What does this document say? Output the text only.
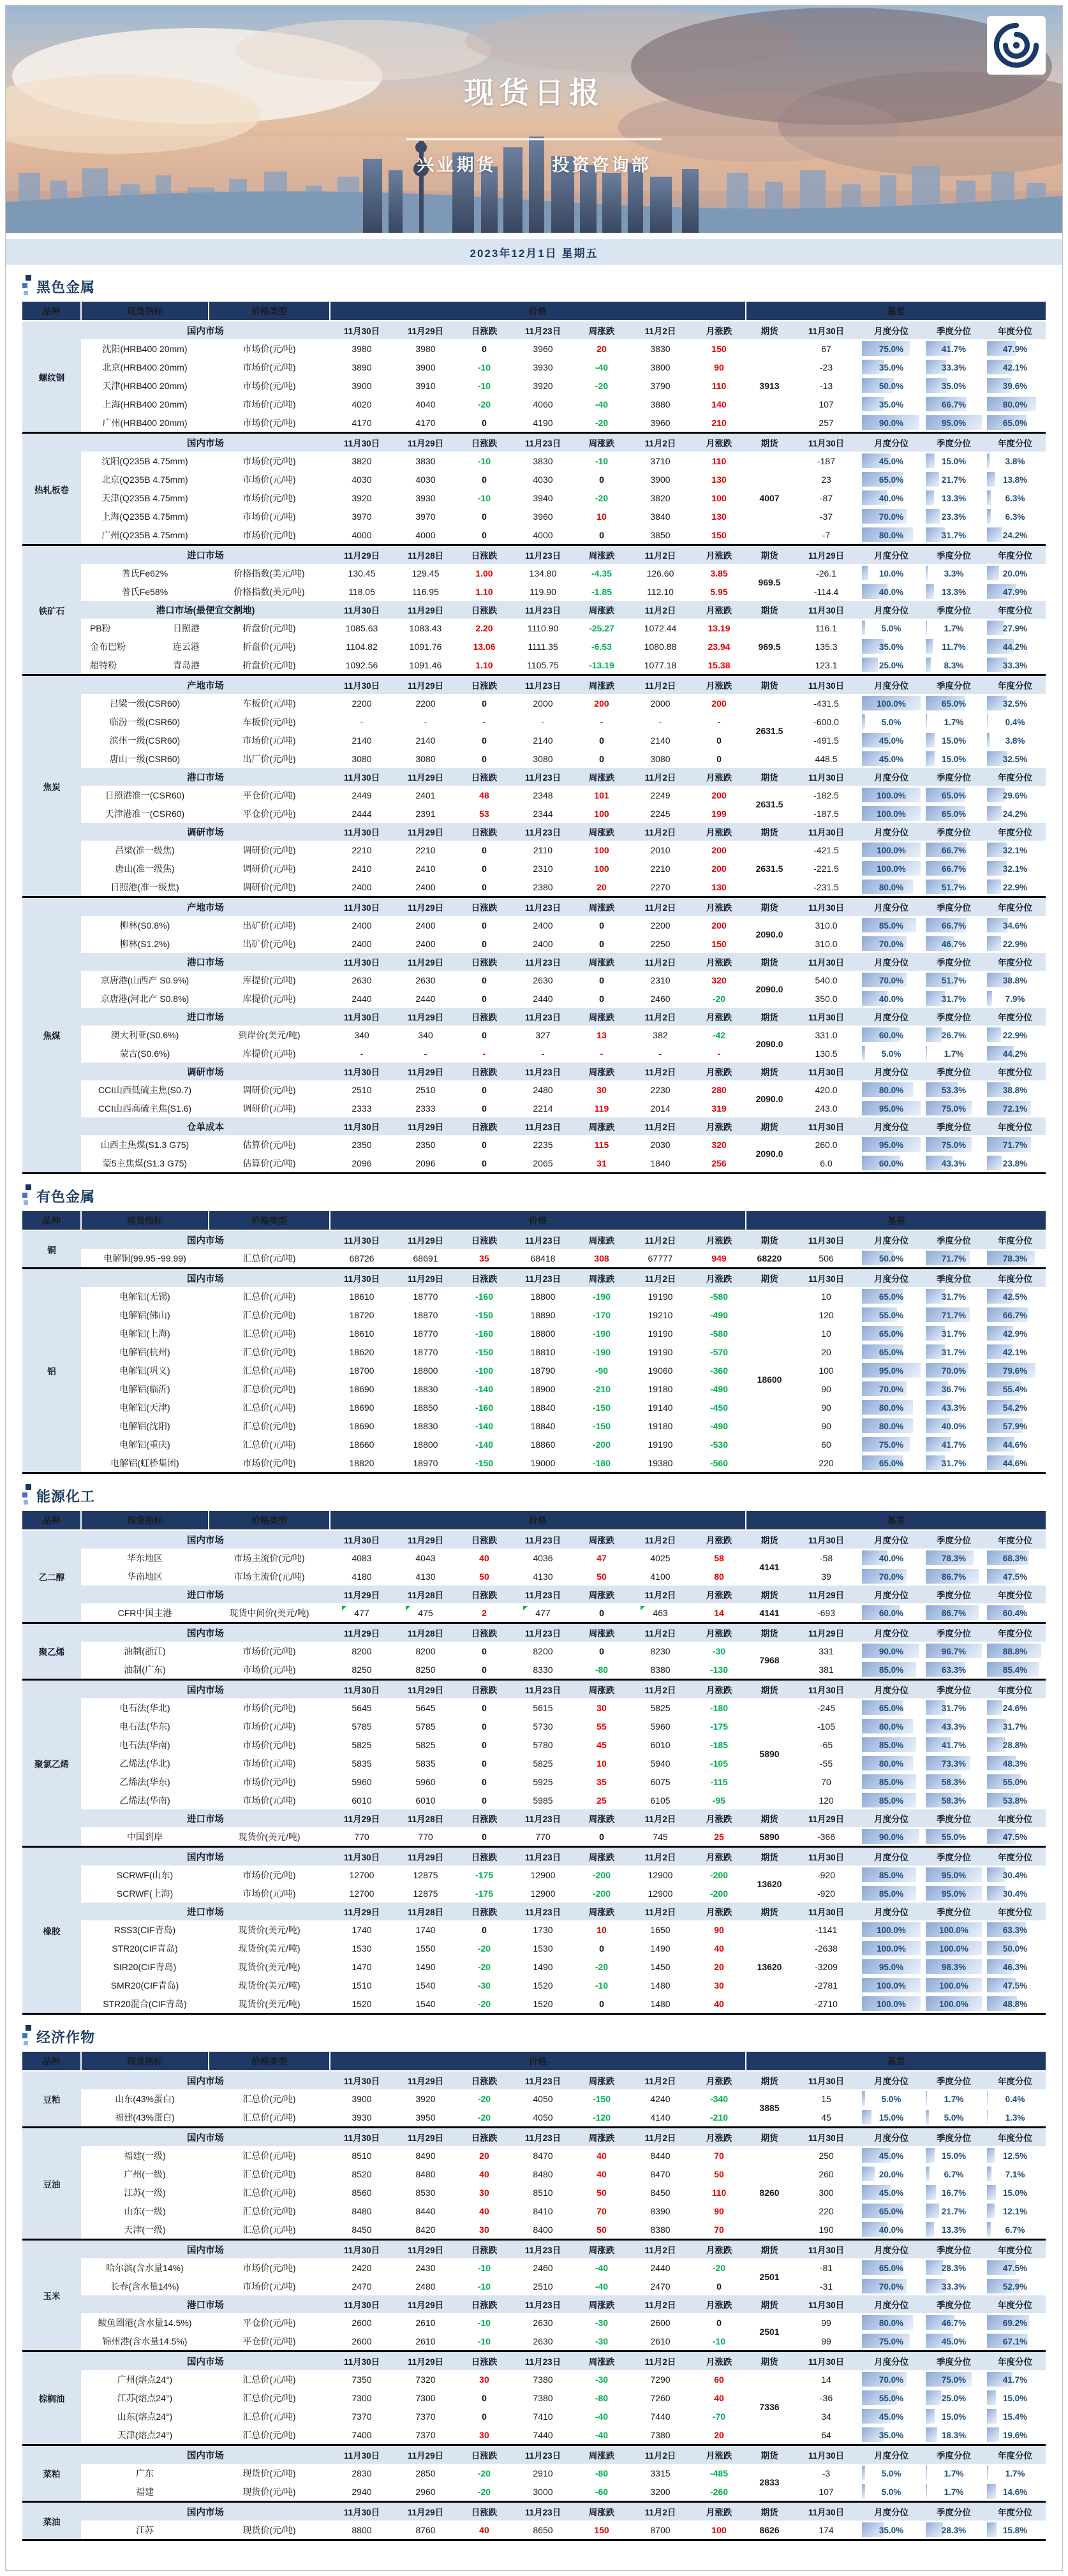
现货日报
兴业期货	投资咨询部
2023年12月1日 星期五
黑色金属
品种	现货指标	价格类型	价格							基差				
螺纹钢	国内市场		11月30日	11月29日	日涨跌	11月23日	周涨跌	11月2日	月涨跌	期货	11月30日	月度分位	季度分位	年度分位
	沈阳(HRB400 20mm)	市场价(元/吨)	3980	3980	0	3960	20	3830	150	3913	67	75.0%	41.7%	47.9%
	北京(HRB400 20mm)	市场价(元/吨)	3890	3900	-10	3930	-40	3800	90		-23	35.0%	33.3%	42.1%
	天津(HRB400 20mm)	市场价(元/吨)	3900	3910	-10	3920	-20	3790	110		-13	50.0%	35.0%	39.6%
	上海(HRB400 20mm)	市场价(元/吨)	4020	4040	-20	4060	-40	3880	140		107	35.0%	66.7%	80.0%
	广州(HRB400 20mm)	市场价(元/吨)	4170	4170	0	4190	-20	3960	210		257	90.0%	95.0%	65.0%

热轧板卷	国内市场		11月30日	11月29日	日涨跌	11月23日	周涨跌	11月2日	月涨跌	期货	11月30日	月度分位	季度分位	年度分位
	沈阳(Q235B 4.75mm)	市场价(元/吨)	3820	3830	-10	3830	-10	3710	110	4007	-187	45.0%	15.0%	3.8%
	北京(Q235B 4.75mm)	市场价(元/吨)	4030	4030	0	4030	0	3900	130		23	65.0%	21.7%	13.8%
	天津(Q235B 4.75mm)	市场价(元/吨)	3920	3930	-10	3940	-20	3820	100		-87	40.0%	13.3%	6.3%
	上海(Q235B 4.75mm)	市场价(元/吨)	3970	3970	0	3960	10	3840	130		-37	70.0%	23.3%	6.3%
	广州(Q235B 4.75mm)	市场价(元/吨)	4000	4000	0	4000	0	3850	150		-7	80.0%	31.7%	24.2%

铁矿石	进口市场		11月29日	11月28日	日涨跌	11月23日	周涨跌	11月2日	月涨跌	期货	11月29日	月度分位	季度分位	年度分位
	普氏Fe62%	价格指数(美元/吨)	130.45	129.45	1.00	134.80	-4.35	126.60	3.85	969.5	-26.1	10.0%	3.3%	20.0%
	普氏Fe58%	价格指数(美元/吨)	118.05	116.95	1.10	119.90	-1.85	112.10	5.95		-114.4	40.0%	13.3%	47.9%
	港口市场(最便宜交割地)		11月30日	11月29日	日涨跌	11月23日	周涨跌	11月2日	月涨跌	期货	11月30日	月度分位	季度分位	年度分位

	PB粉 日照港	折盘价(元/吨)	1085.63	1083.43	2.20	1110.90	-25.27	1072.44	13.19	969.5	116.1	5.0%	1.7%	27.9%

	金布巴粉 连云港	折盘价(元/吨)	1104.82	1091.76	13.06	1111.35	-6.53	1080.88	23.94		135.3	35.0%	11.7%	44.2%

	超特粉 青岛港	折盘价(元/吨)	1092.56	1091.46	1.10	1105.75	-13.19	1077.18	15.38		123.1	25.0%	8.3%	33.3%

焦炭	产地市场		11月30日	11月29日	日涨跌	11月23日	周涨跌	11月2日	月涨跌	期货	11月30日	月度分位	季度分位	年度分位
	吕梁一级(CSR60)	车板价(元/吨)	2200	2200	0	2000	200	2000	200	2631.5	-431.5	100.0%	65.0%	32.5%
	临汾一级(CSR60)	车板价(元/吨)	-	-	-	-	-	-	-		-600.0	5.0%	1.7%	0.4%
	滨州一级(CSR60)	市场价(元/吨)	2140	2140	0	2140	0	2140	0		-491.5	45.0%	15.0%	3.8%
	唐山一级(CSR60)	出厂价(元/吨)	3080	3080	0	3080	0	3080	0		448.5	45.0%	15.0%	32.5%
	港口市场		11月30日	11月29日	日涨跌	11月23日	周涨跌	11月2日	月涨跌	期货	11月30日	月度分位	季度分位	年度分位
	日照港准一(CSR60)	平仓价(元/吨)	2449	2401	48	2348	101	2249	200	2631.5	-182.5	100.0%	65.0%	29.6%
	天津港准一(CSR60)	平仓价(元/吨)	2444	2391	53	2344	100	2245	199		-187.5	100.0%	65.0%	24.2%
	调研市场		11月30日	11月29日	日涨跌	11月23日	周涨跌	11月2日	月涨跌	期货	11月30日	月度分位	季度分位	年度分位
	吕梁(准一级焦)	调研价(元/吨)	2210	2210	0	2110	100	2010	200	2631.5	-421.5	100.0%	66.7%	32.1%
	唐山(准一级焦)	调研价(元/吨)	2410	2410	0	2310	100	2210	200		-221.5	100.0%	66.7%	32.1%
	日照港(准一级焦)	调研价(元/吨)	2400	2400	0	2380	20	2270	130		-231.5	80.0%	51.7%	22.9%

焦煤	产地市场		11月30日	11月29日	日涨跌	11月23日	周涨跌	11月2日	月涨跌	期货	11月30日	月度分位	季度分位	年度分位
	柳林(S0.8%)	出矿价(元/吨)	2400	2400	0	2400	0	2200	200	2090.0	310.0	85.0%	66.7%	34.6%
	柳林(S1.2%)	出矿价(元/吨)	2400	2400	0	2400	0	2250	150		310.0	70.0%	46.7%	22.9%
	港口市场		11月30日	11月29日	日涨跌	11月23日	周涨跌	11月2日	月涨跌	期货	11月30日	月度分位	季度分位	年度分位
	京唐港(山西产 S0.9%)	库提价(元/吨)	2630	2630	0	2630	0	2310	320	2090.0	540.0	70.0%	51.7%	38.8%
	京唐港(河北产 S0.8%)	库提价(元/吨)	2440	2440	0	2440	0	2460	-20		350.0	40.0%	31.7%	7.9%
	进口市场		11月30日	11月29日	日涨跌	11月23日	周涨跌	11月2日	月涨跌	期货	11月30日	月度分位	季度分位	年度分位
	澳大利亚(S0.6%)	到岸价(美元/吨)	340	340	0	327	13	382	-42	2090.0	331.0	60.0%	26.7%	22.9%
	蒙古(S0.6%)	库提价(元/吨)	-	-	-	-	-	-	-		130.5	5.0%	1.7%	44.2%
	调研市场		11月30日	11月29日	日涨跌	11月23日	周涨跌	11月2日	月涨跌	期货	11月30日	月度分位	季度分位	年度分位
	CCI山西低硫主焦(S0.7)	调研价(元/吨)	2510	2510	0	2480	30	2230	280	2090.0	420.0	80.0%	53.3%	38.8%
	CCI山西高硫主焦(S1.6)	调研价(元/吨)	2333	2333	0	2214	119	2014	319		243.0	95.0%	75.0%	72.1%
	仓单成本		11月30日	11月29日	日涨跌	11月23日	周涨跌	11月2日	月涨跌	期货	11月30日	月度分位	季度分位	年度分位
	山西主焦煤(S1.3 G75)	估算价(元/吨)	2350	2350	0	2235	115	2030	320	2090.0	260.0	95.0%	75.0%	71.7%
	蒙5主焦煤(S1.3 G75)	估算价(元/吨)	2096	2096	0	2065	31	1840	256		6.0	60.0%	43.3%	23.8%

有色金属
品种	现货指标	价格类型	价格							基差				
铜	国内市场		11月30日	11月29日	日涨跌	11月23日	周涨跌	11月2日	月涨跌	期货	11月30日	月度分位	季度分位	年度分位
	电解铜(99.95~99.99)	汇总价(元/吨)	68726	68691	35	68418	308	67777	949	68220	506	50.0%	71.7%	78.3%

铝	国内市场		11月30日	11月29日	日涨跌	11月23日	周涨跌	11月2日	月涨跌	期货	11月30日	月度分位	季度分位	年度分位
	电解铝(无锡)	汇总价(元/吨)	18610	18770	-160	18800	-190	19190	-580	18600	10	65.0%	31.7%	42.5%
	电解铝(佛山)	汇总价(元/吨)	18720	18870	-150	18890	-170	19210	-490		120	55.0%	71.7%	66.7%
	电解铝(上海)	汇总价(元/吨)	18610	18770	-160	18800	-190	19190	-580		10	65.0%	31.7%	42.9%
	电解铝(杭州)	汇总价(元/吨)	18620	18770	-150	18810	-190	19190	-570		20	65.0%	31.7%	42.1%
	电解铝(巩义)	汇总价(元/吨)	18700	18800	-100	18790	-90	19060	-360		100	95.0%	70.0%	79.6%
	电解铝(临沂)	汇总价(元/吨)	18690	18830	-140	18900	-210	19180	-490		90	70.0%	36.7%	55.4%
	电解铝(天津)	汇总价(元/吨)	18690	18850	-160	18840	-150	19140	-450		90	80.0%	43.3%	54.2%
	电解铝(沈阳)	汇总价(元/吨)	18690	18830	-140	18840	-150	19180	-490		90	80.0%	40.0%	57.9%
	电解铝(重庆)	汇总价(元/吨)	18660	18800	-140	18860	-200	19190	-530		60	75.0%	41.7%	44.6%
	电解铝(虹桥集团)	市场价(元/吨)	18820	18970	-150	19000	-180	19380	-560		220	65.0%	31.7%	44.6%

能源化工
品种	现货指标	价格类型	价格							基差				
乙二醇	国内市场		11月30日	11月29日	日涨跌	11月23日	周涨跌	11月2日	月涨跌	期货	11月30日	月度分位	季度分位	年度分位
	华东地区	市场主流价(元/吨)	4083	4043	40	4036	47	4025	58	4141	-58	40.0%	78.3%	68.3%
	华南地区	市场主流价(元/吨)	4180	4130	50	4130	50	4100	80		39	70.0%	86.7%	47.5%
	进口市场		11月29日	11月28日	日涨跌	11月23日	周涨跌	11月2日	月涨跌	期货	11月29日	月度分位	季度分位	年度分位
	CFR中国主港	现货中间价(美元/吨)	477	475	2	477	0	463	14	4141	-693	60.0%	86.7%	60.4%

聚乙烯	国内市场		11月29日	11月28日	日涨跌	11月23日	周涨跌	11月2日	月涨跌	期货	11月29日	月度分位	季度分位	年度分位
	油制(浙江)	市场价(元/吨)	8200	8200	0	8200	0	8230	-30	7968	331	90.0%	96.7%	88.8%
	油制(广东)	市场价(元/吨)	8250	8250	0	8330	-80	8380	-130		381	85.0%	63.3%	85.4%

聚氯乙烯	国内市场		11月30日	11月29日	日涨跌	11月23日	周涨跌	11月2日	月涨跌	期货	11月30日	月度分位	季度分位	年度分位
	电石法(华北)	市场价(元/吨)	5645	5645	0	5615	30	5825	-180	5890	-245	65.0%	31.7%	24.6%
	电石法(华东)	市场价(元/吨)	5785	5785	0	5730	55	5960	-175		-105	80.0%	43.3%	31.7%
	电石法(华南)	市场价(元/吨)	5825	5825	0	5780	45	6010	-185		-65	85.0%	41.7%	28.8%
	乙烯法(华北)	市场价(元/吨)	5835	5835	0	5825	10	5940	-105		-55	80.0%	73.3%	48.3%
	乙烯法(华东)	市场价(元/吨)	5960	5960	0	5925	35	6075	-115		70	85.0%	58.3%	55.0%
	乙烯法(华南)	市场价(元/吨)	6010	6010	0	5985	25	6105	-95		120	85.0%	58.3%	53.8%
	进口市场		11月29日	11月28日	日涨跌	11月23日	周涨跌	11月2日	月涨跌	期货	11月29日	月度分位	季度分位	年度分位
	中国到岸	现货价(美元/吨)	770	770	0	770	0	745	25	5890	-366	90.0%	55.0%	47.5%

橡胶	国内市场		11月30日	11月29日	日涨跌	11月23日	周涨跌	11月2日	月涨跌	期货	11月30日	月度分位	季度分位	年度分位
	SCRWF(山东)	市场价(元/吨)	12700	12875	-175	12900	-200	12900	-200	13620	-920	85.0%	95.0%	30.4%
	SCRWF(上海)	市场价(元/吨)	12700	12875	-175	12900	-200	12900	-200		-920	85.0%	95.0%	30.4%
	进口市场		11月29日	11月28日	日涨跌	11月23日	周涨跌	11月2日	月涨跌	期货	11月30日	月度分位	季度分位	年度分位
	RSS3(CIF青岛)	现货价(美元/吨)	1740	1740	0	1730	10	1650	90	13620	-1141	100.0%	100.0%	63.3%
	STR20(CIF青岛)	现货价(美元/吨)	1530	1550	-20	1530	0	1490	40		-2638	100.0%	100.0%	50.0%
	SIR20(CIF青岛)	现货价(美元/吨)	1470	1490	-20	1490	-20	1450	20		-3209	95.0%	98.3%	46.3%
	SMR20(CIF青岛)	现货价(美元/吨)	1510	1540	-30	1520	-10	1480	30		-2781	100.0%	100.0%	47.5%
	STR20混合(CIF青岛)	现货价(美元/吨)	1520	1540	-20	1520	0	1480	40		-2710	100.0%	100.0%	48.8%

经济作物
品种	现货指标	价格类型	价格							基差				
豆粕	国内市场		11月30日	11月29日	日涨跌	11月23日	周涨跌	11月2日	月涨跌	期货	11月30日	月度分位	季度分位	年度分位
	山东(43%蛋白)	汇总价(元/吨)	3900	3920	-20	4050	-150	4240	-340	3885	15	5.0%	1.7%	0.4%
	福建(43%蛋白)	汇总价(元/吨)	3930	3950	-20	4050	-120	4140	-210		45	15.0%	5.0%	1.3%

豆油	国内市场		11月30日	11月29日	日涨跌	11月23日	周涨跌	11月2日	月涨跌	期货	11月30日	月度分位	季度分位	年度分位
	福建(一级)	汇总价(元/吨)	8510	8490	20	8470	40	8440	70	8260	250	45.0%	15.0%	12.5%
	广州(一级)	汇总价(元/吨)	8520	8480	40	8480	40	8470	50		260	20.0%	6.7%	7.1%
	江苏(一级)	汇总价(元/吨)	8560	8530	30	8510	50	8450	110		300	45.0%	16.7%	15.0%
	山东(一级)	汇总价(元/吨)	8480	8440	40	8410	70	8390	90		220	65.0%	21.7%	12.1%
	天津(一级)	汇总价(元/吨)	8450	8420	30	8400	50	8380	70		190	40.0%	13.3%	6.7%

玉米	国内市场		11月30日	11月29日	日涨跌	11月23日	周涨跌	11月2日	月涨跌	期货	11月30日	月度分位	季度分位	年度分位
	哈尔滨(含水量14%)	市场价(元/吨)	2420	2430	-10	2460	-40	2440	-20	2501	-81	65.0%	28.3%	47.5%
	长春(含水量14%)	市场价(元/吨)	2470	2480	-10	2510	-40	2470	0		-31	70.0%	33.3%	52.9%
	港口市场		11月30日	11月29日	日涨跌	11月23日	周涨跌	11月2日	月涨跌	期货	11月30日	月度分位	季度分位	年度分位
	鲅鱼圈港(含水量14.5%)	平仓价(元/吨)	2600	2610	-10	2630	-30	2600	0	2501	99	80.0%	46.7%	69.2%
	锦州港(含水量14.5%)	平仓价(元/吨)	2600	2610	-10	2630	-30	2610	-10		99	75.0%	45.0%	67.1%

棕榈油	国内市场		11月30日	11月29日	日涨跌	11月23日	周涨跌	11月2日	月涨跌	期货	11月30日	月度分位	季度分位	年度分位
	广州(熔点24°)	汇总价(元/吨)	7350	7320	30	7380	-30	7290	60	7336	14	70.0%	75.0%	41.7%
	江苏(熔点24°)	汇总价(元/吨)	7300	7300	0	7380	-80	7260	40		-36	55.0%	25.0%	15.0%
	山东(熔点24°)	汇总价(元/吨)	7370	7370	0	7410	-40	7440	-70		34	45.0%	15.0%	15.4%
	天津(熔点24°)	汇总价(元/吨)	7400	7370	30	7440	-40	7380	20		64	35.0%	18.3%	19.6%

菜粕	国内市场		11月30日	11月29日	日涨跌	11月23日	周涨跌	11月2日	月涨跌	期货	11月30日	月度分位	季度分位	年度分位
	广东	现货价(元/吨)	2830	2850	-20	2910	-80	3315	-485	2833	-3	5.0%	1.7%	1.7%
	福建	现货价(元/吨)	2940	2960	-20	3000	-60	3200	-260		107	5.0%	1.7%	14.6%

菜油	国内市场		11月30日	11月29日	日涨跌	11月23日	周涨跌	11月2日	月涨跌	期货	11月30日	月度分位	季度分位	年度分位
	江苏	现货价(元/吨)	8800	8760	40	8650	150	8700	100	8626	174	35.0%	28.3%	15.8%
